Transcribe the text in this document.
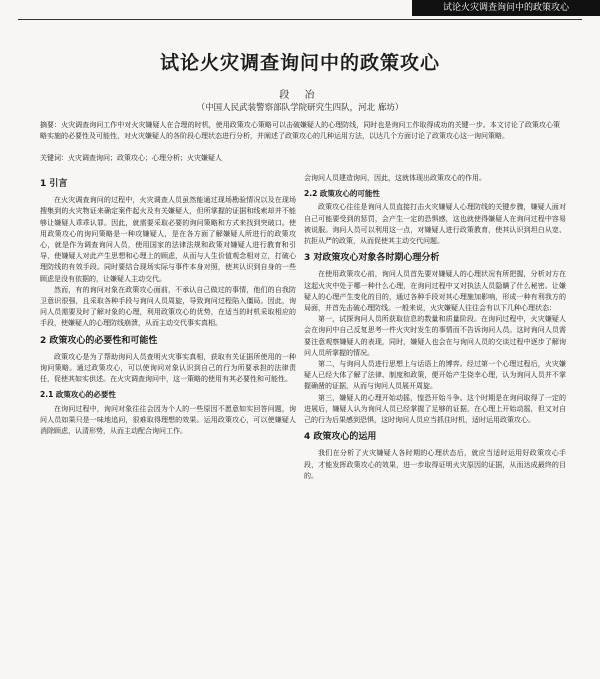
试论火灾调查询问中的政策攻心
试论火灾调查询问中的政策攻心
段 冶
（中国人民武装警察部队学院研究生四队，河北 廊坊）
摘要：火灾调查询问工作中对火灾嫌疑人在合理的时机，使用政策攻心策略可以击破嫌疑人的心理防线，同时也是询问工作取得成功的关键一步。本文讨论了政策攻心策略实施的必要性及可能性，对火灾嫌疑人的各阶段心理状态进行分析，并阐述了政策攻心的几种运用方法，以达几个方面讨论了政策攻心这一询问策略。
关键词：火灾调查询问；政策攻心；心理分析；火灾嫌疑人
1 引言

在火灾调查询问的过程中，火灾调查人员虽然能通过现场勘验情况以及在现场搜集到的火灾物证来确定案件起火及有关嫌疑人，但所掌握的证据和线索却并不能够让嫌疑人乖乖认罪。因此，就需要采取必要的询问策略和方式来找到突破口。使用政策攻心的询问策略是一种攻嫌疑人，是在各方面了解嫌疑人所进行的政策攻心，就是作为调查询问人员，使用国家的法律法规和政策对嫌疑人进行教育和引导，使嫌疑人对此产生思想和心理上的顾虑，从而与人生价值观念相对立，打破心理防线的有效手段。同时要结合现场实际与事件本身对照，使其认识到自身的一些顾虑是没有依据的，让嫌疑人主动交代。

然而，有的询问对象在政策攻心面前，不承认自己做过的事情，他们的自我防卫意识很强，且采取各种手段与询问人员周旋，导致询问过程陷入僵局。因此，询问人员需要及时了解对象的心理，利用政策攻心的优势，在适当的时机采取相应的手段，使嫌疑人的心理防线崩溃，从而主动交代事实真相。

2 政策攻心的必要性和可能性

政策攻心是为了帮助询问人员查明火灾事实真相，获取有关证据所使用的一种询问策略。通过政策攻心，可以使询问对象认识到自己的行为所要承担的法律责任，促使其如实供述。在火灾调查询问中，这一策略的使用有其必要性和可能性。

2.1 政策攻心的必要性

在询问过程中，询问对象往往会因为个人的一些原因不愿意如实回答问题，询问人员如果只是一味地追问，很难取得理想的效果。运用政策攻心，可以使嫌疑人消除顾虑，认清形势，从而主动配合询问工作。

会询问人员建造询问，因此，这就体现出政策攻心的作用。

2.2 政策攻心的可能性

政策攻心往往是询问人员直接打击火灾嫌疑人心理防线的关键步骤，嫌疑人面对自己可能要受到的惩罚，会产生一定的恐惧感，这也就使得嫌疑人在询问过程中容易被说服。询问人员可以利用这一点，对嫌疑人进行政策教育，使其认识到坦白从宽、抗拒从严的政策，从而促使其主动交代问题。

3 对政策攻心对象各时期心理分析

在使用政策攻心前，询问人员首先要对嫌疑人的心理状况有所把握，分析对方在这起火灾中处于哪一种什么心理，在询问过程中又对执法人员隐瞒了什么秘密。让嫌疑人的心理产生变化的目的，通过各种手段对其心理施加影响，形成一种有利我方的局面，并首先击破心理防线。一般来说，火灾嫌疑人往往会有以下几种心理状态：

第一，试探询问人员所获取信息的数量和质量阶段。在询问过程中，火灾嫌疑人会在询问中自己反复思考一件火灾时发生的事情而不告诉询问人员。这时询问人员需要注意观察嫌疑人的表现，同时，嫌疑人也会在与询问人员的交谈过程中逐步了解询问人员所掌握的情况。

第二，与询问人员进行思想上与话语上的博弈。经过第一个心理过程后，火灾嫌疑人已经大体了解了法律、制度和政策，便开始产生侥幸心理，认为询问人员并不掌握确凿的证据，从而与询问人员展开周旋。

第三，嫌疑人的心理开始动摇，惶恐开始斗争。这个时期是在询问取得了一定的进展后，嫌疑人认为询问人员已经掌握了足够的证据，在心理上开始动摇，但又对自己的行为后果感到恐惧，这时询问人员应当抓住时机，适时运用政策攻心。

4 政策攻心的运用

我们在分析了火灾嫌疑人各时期的心理状态后，就应当适时运用好政策攻心手段，才能发挥政策攻心的效果，进一步取得证明火灾原因的证据，从而达成最终的目的。
